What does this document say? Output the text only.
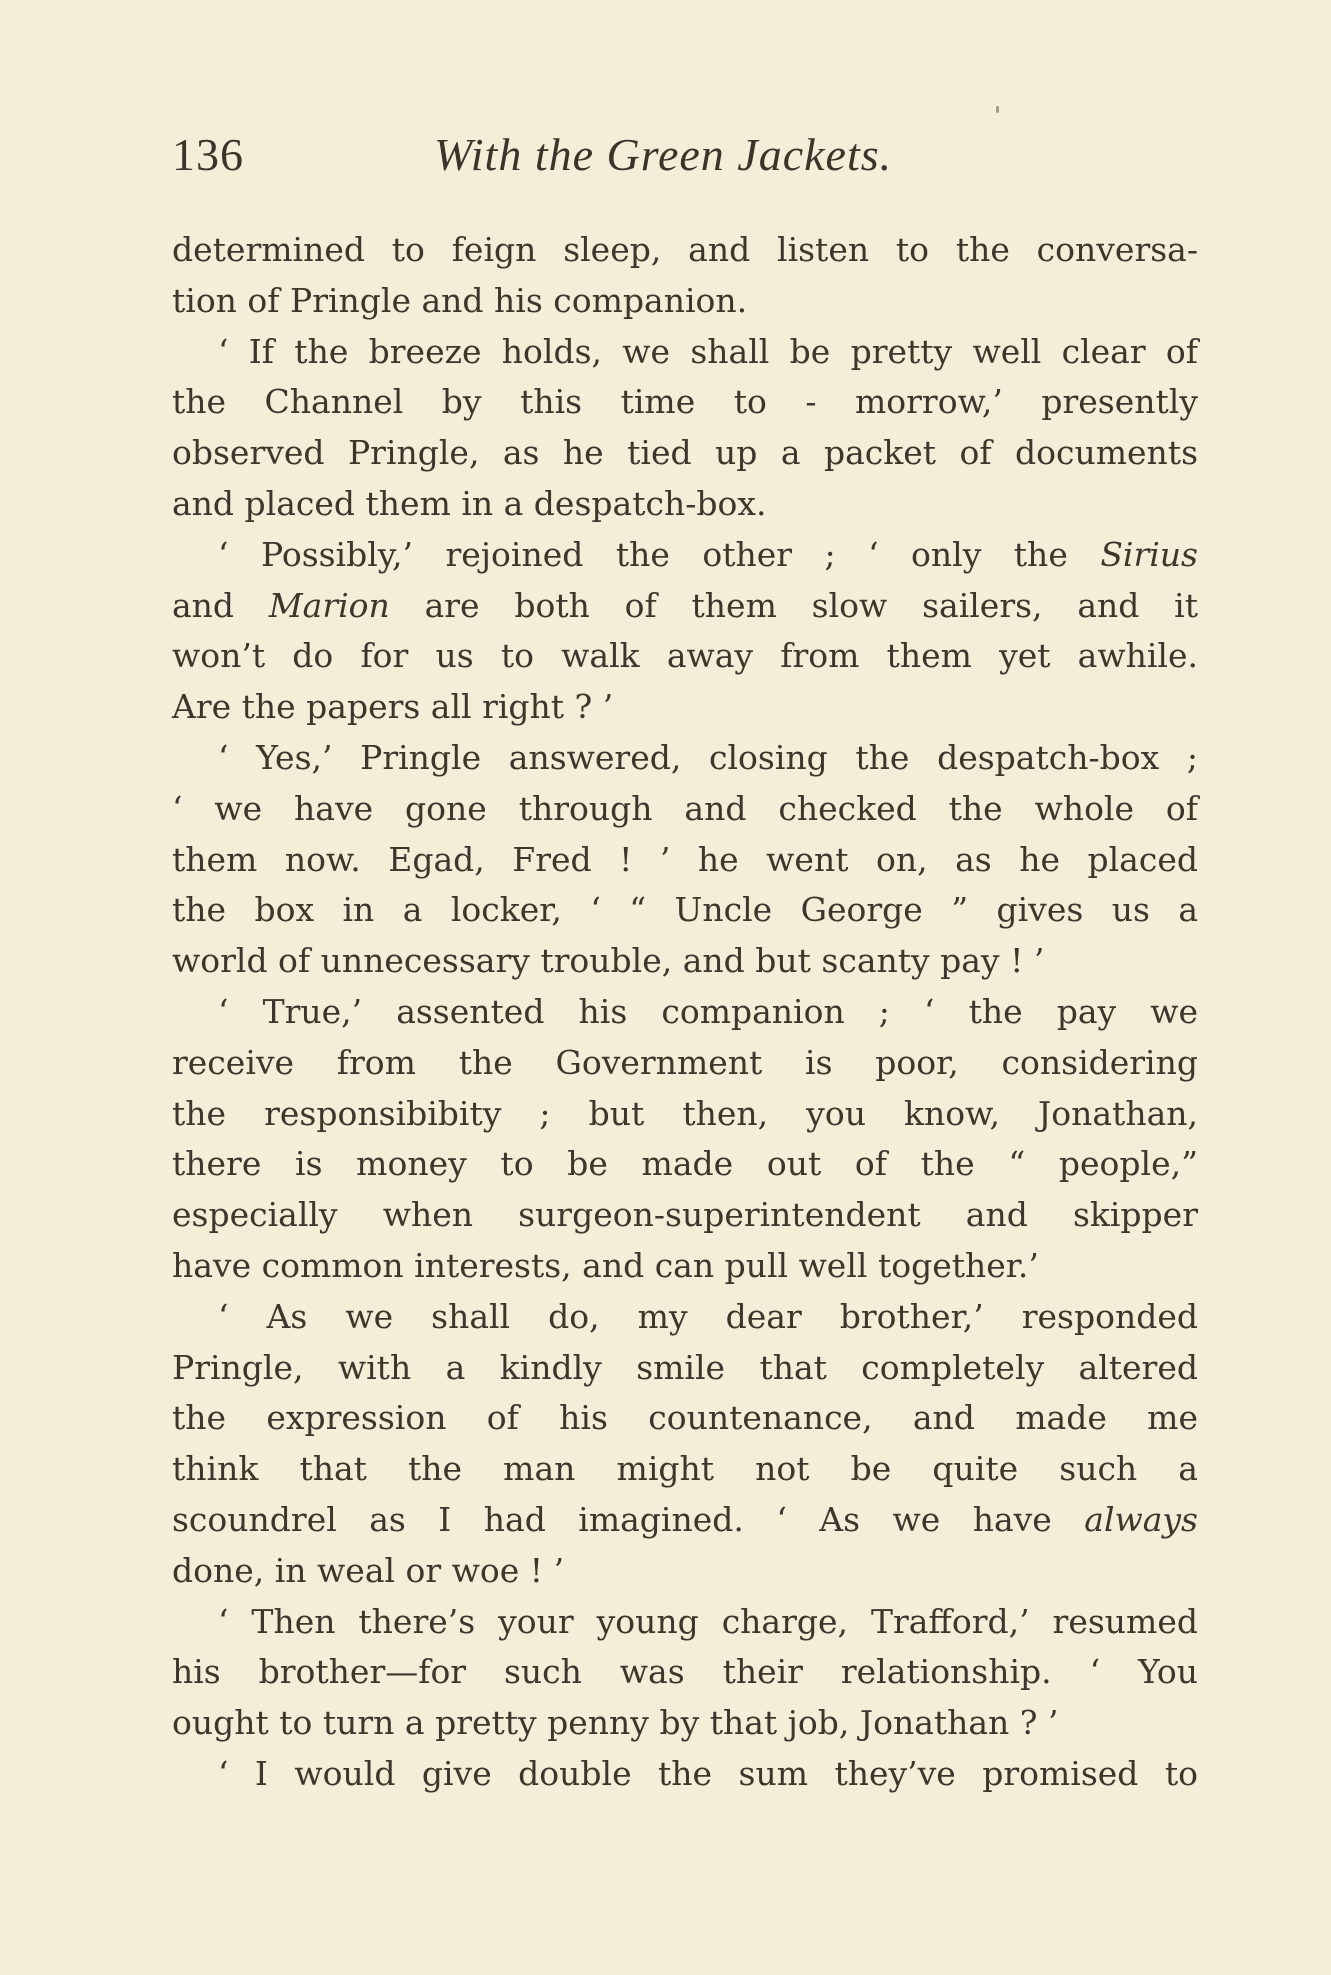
136	With the Green Jackets.
determined to feign sleep, and listen to the conversa-
tion of Pringle and his companion.
‘ If the breeze holds, we shall be pretty well clear of
the Channel by this time to - morrow,’ presently
observed Pringle, as he tied up a packet of documents
and placed them in a despatch-box.
‘ Possibly,’ rejoined the other ; ‘ only the Sirius
and Marion are both of them slow sailers, and it
won’t do for us to walk away from them yet awhile.
Are the papers all right ? ’
‘ Yes,’ Pringle answered, closing the despatch-box ;
‘ we have gone through and checked the whole of
them now. Egad, Fred ! ’ he went on, as he placed
the box in a locker, ‘ “ Uncle George ” gives us a
world of unnecessary trouble, and but scanty pay ! ’
‘ True,’ assented his companion ; ‘ the pay we
receive from the Government is poor, considering
the responsibibity ; but then, you know, Jonathan,
there is money to be made out of the “ people,”
especially when surgeon-superintendent and skipper
have common interests, and can pull well together.’
‘ As we shall do, my dear brother,’ responded
Pringle, with a kindly smile that completely altered
the expression of his countenance, and made me
think that the man might not be quite such a
scoundrel as I had imagined. ‘ As we have always
done, in weal or woe ! ’
‘ Then there’s your young charge, Trafford,’ resumed
his brother—for such was their relationship. ‘ You
ought to turn a pretty penny by that job, Jonathan ? ’
‘ I would give double the sum they’ve promised to
